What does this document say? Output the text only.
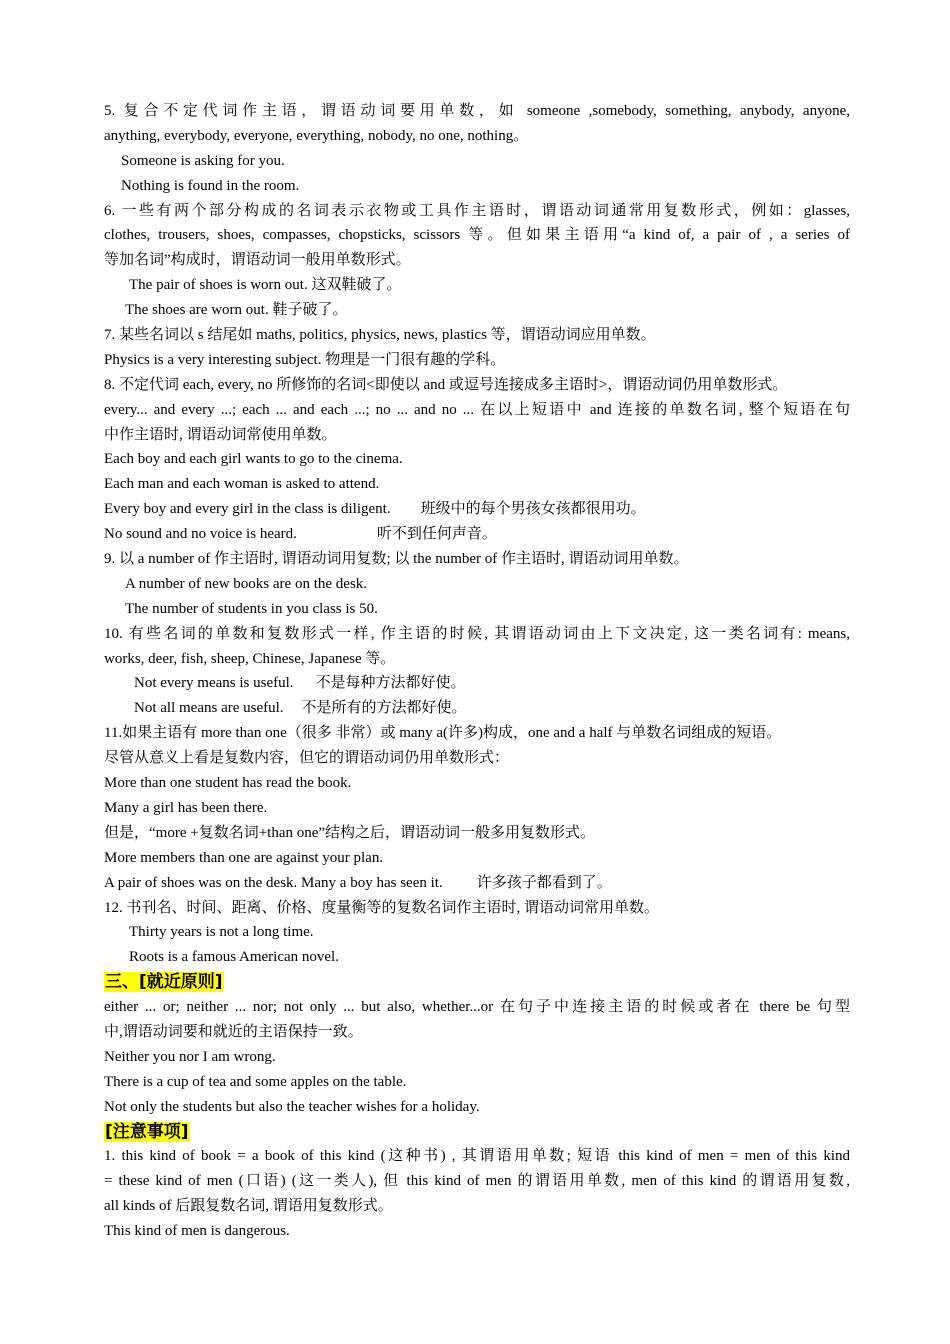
5. 复合不定代词作主语，谓语动词要用单数，如 someone ,somebody, something, anybody, anyone,
anything, everybody, everyone, everything, nobody, no one, nothing。
Someone is asking for you.
Nothing is found in the room.
6. 一些有两个部分构成的名词表示衣物或工具作主语时，谓语动词通常用复数形式，例如：glasses,
clothes, trousers, shoes, compasses, chopsticks, scissors 等。但如果主语用“a kind of, a pair of , a series of
等加名词”构成时，谓语动词一般用单数形式。
The pair of shoes is worn out. 这双鞋破了。
The shoes are worn out. 鞋子破了。
7. 某些名词以 s 结尾如 maths, politics, physics, news, plastics 等，谓语动词应用单数。
Physics is a very interesting subject. 物理是一门很有趣的学科。
8. 不定代词 each, every, no 所修饰的名词<即使以 and 或逗号连接成多主语时>，谓语动词仍用单数形式。
every... and every ...; each ... and each ...; no ... and no ... 在以上短语中 and 连接的单数名词, 整个短语在句
中作主语时, 谓语动词常使用单数。
Each boy and each girl wants to go to the cinema.
Each man and each woman is asked to attend.
Every boy and every girl in the class is diligent. 班级中的每个男孩女孩都很用功。
No sound and no voice is heard.	听不到任何声音。
9. 以 a number of 作主语时, 谓语动词用复数; 以 the number of 作主语时, 谓语动词用单数。
A number of new books are on the desk.
The number of students in you class is 50.
10. 有些名词的单数和复数形式一样, 作主语的时候, 其谓语动词由上下文决定, 这一类名词有: means,
works, deer, fish, sheep, Chinese, Japanese 等。
Not every means is useful. 不是每种方法都好使。
Not all means are useful. 不是所有的方法都好使。
11.如果主语有 more than one（很多 非常）或 many a(许多)构成，one and a half 与单数名词组成的短语。
尽管从意义上看是复数内容，但它的谓语动词仍用单数形式：
More than one student has read the book.
Many a girl has been there.
但是，“more +复数名词+than one”结构之后，谓语动词一般多用复数形式。
More members than one are against your plan.
A pair of shoes was on the desk. Many a boy has seen it. 许多孩子都看到了。
12. 书刊名、时间、距离、价格、度量衡等的复数名词作主语时, 谓语动词常用单数。
Thirty years is not a long time.
Roots is a famous American novel.
三、[就近原则]
either ... or; neither ... nor; not only ... but also, whether...or 在句子中连接主语的时候或者在 there be 句型
中,谓语动词要和就近的主语保持一致。
Neither you nor I am wrong.
There is a cup of tea and some apples on the table.
Not only the students but also the teacher wishes for a holiday.
[注意事项]
1. this kind of book = a book of this kind (这种书) , 其谓语用单数; 短语 this kind of men = men of this kind
= these kind of men (口语) (这一类人), 但 this kind of men 的谓语用单数, men of this kind 的谓语用复数,
all kinds of 后跟复数名词, 谓语用复数形式。
This kind of men is dangerous.
